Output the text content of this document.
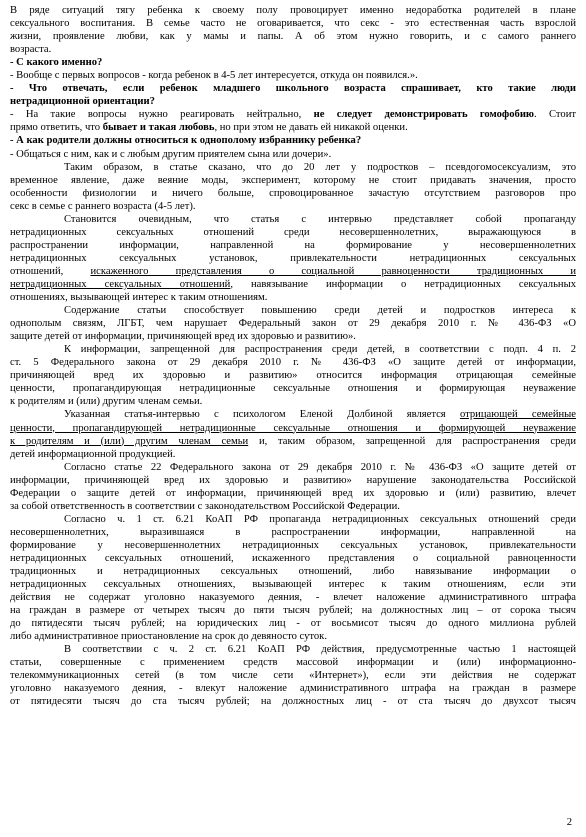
В ряде ситуаций тягу ребенка к своему полу провоцирует именно недоработка родителей в плане
сексуального воспитания. В семье часто не оговаривается, что секс - это естественная часть взрослой
жизни, проявление любви, как у мамы и папы. А об этом нужно говорить, и с самого раннего
возраста.
- С какого именно?
- Вообще с первых вопросов - когда ребенок в 4-5 лет интересуется, откуда он появился.».
- Что отвечать, если ребенок младшего школьного возраста спрашивает, кто такие люди
нетрадиционной ориентации?
- На такие вопросы нужно реагировать нейтрально, не следует демонстрировать гомофобию. Стоит
прямо ответить, что бывает и такая любовь, но при этом не давать ей никакой оценки.
- А как родители должны относиться к однополому избраннику ребенка?
- Общаться с ним, как и с любым другим приятелем сына или дочери».
Таким образом, в статье сказано, что до 20 лет у подростков – псевдогомосексуализм, это
временное явление, даже веяние моды, эксперимент, которому не стоит придавать значения, просто
особенности физиологии и ничего больше, спровоцированное зачастую отсутствием разговоров про
секс в семье с раннего возраста (4-5 лет).
Становится очевидным, что статья с интервью представляет собой пропаганду
нетрадиционных сексуальных отношений среди несовершеннолетних, выражающуюся в
распространении информации, направленной на формирование у несовершеннолетних
нетрадиционных сексуальных установок, привлекательности нетрадиционных сексуальных
отношений, искаженного представления о социальной равноценности традиционных и
нетрадиционных сексуальных отношений, навязывание информации о нетрадиционных сексуальных
отношениях, вызывающей интерес к таким отношениям.
Содержание статьи способствует повышению среди детей и подростков интереса к
однополым связям, ЛГБТ, чем нарушает Федеральный закон от 29 декабря 2010 г. № 436-ФЗ «О
защите детей от информации, причиняющей вред их здоровью и развитию».
К информации, запрещенной для распространения среди детей, в соответствии с подп. 4 п. 2
ст. 5 Федерального закона от 29 декабря 2010 г. № 436-ФЗ «О защите детей от информации,
причиняющей вред их здоровью и развитию» относится информация отрицающая семейные
ценности, пропагандирующая нетрадиционные сексуальные отношения и формирующая неуважение
к родителям и (или) другим членам семьи.
Указанная статья-интервью с психологом Еленой Долбиной является отрицающей семейные
ценности, пропагандирующей нетрадиционные сексуальные отношения и формирующей неуважение
к родителям и (или) другим членам семьи и, таким образом, запрещенной для распространения среди
детей информационной продукцией.
Согласно статье 22 Федерального закона от 29 декабря 2010 г. № 436-ФЗ «О защите детей от
информации, причиняющей вред их здоровью и развитию» нарушение законодательства Российской
Федерации о защите детей от информации, причиняющей вред их здоровью и (или) развитию, влечет
за собой ответственность в соответствии с законодательством Российской Федерации.
Согласно ч. 1 ст. 6.21 КоАП РФ пропаганда нетрадиционных сексуальных отношений среди
несовершеннолетних, выразившаяся в распространении информации, направленной на
формирование у несовершеннолетних нетрадиционных сексуальных установок, привлекательности
нетрадиционных сексуальных отношений, искаженного представления о социальной равноценности
традиционных и нетрадиционных сексуальных отношений, либо навязывание информации о
нетрадиционных сексуальных отношениях, вызывающей интерес к таким отношениям, если эти
действия не содержат уголовно наказуемого деяния, - влечет наложение административного штрафа
на граждан в размере от четырех тысяч до пяти тысяч рублей; на должностных лиц – от сорока тысяч
до пятидесяти тысяч рублей; на юридических лиц - от восьмисот тысяч до одного миллиона рублей
либо административное приостановление на срок до девяносто суток.
В соответствии с ч. 2 ст. 6.21 КоАП РФ действия, предусмотренные частью 1 настоящей
статьи, совершенные с применением средств массовой информации и (или) информационно-
телекоммуникационных сетей (в том числе сети «Интернет»), если эти действия не содержат
уголовно наказуемого деяния, - влекут наложение административного штрафа на граждан в размере
от пятидесяти тысяч до ста тысяч рублей; на должностных лиц - от ста тысяч до двухсот тысяч
2
